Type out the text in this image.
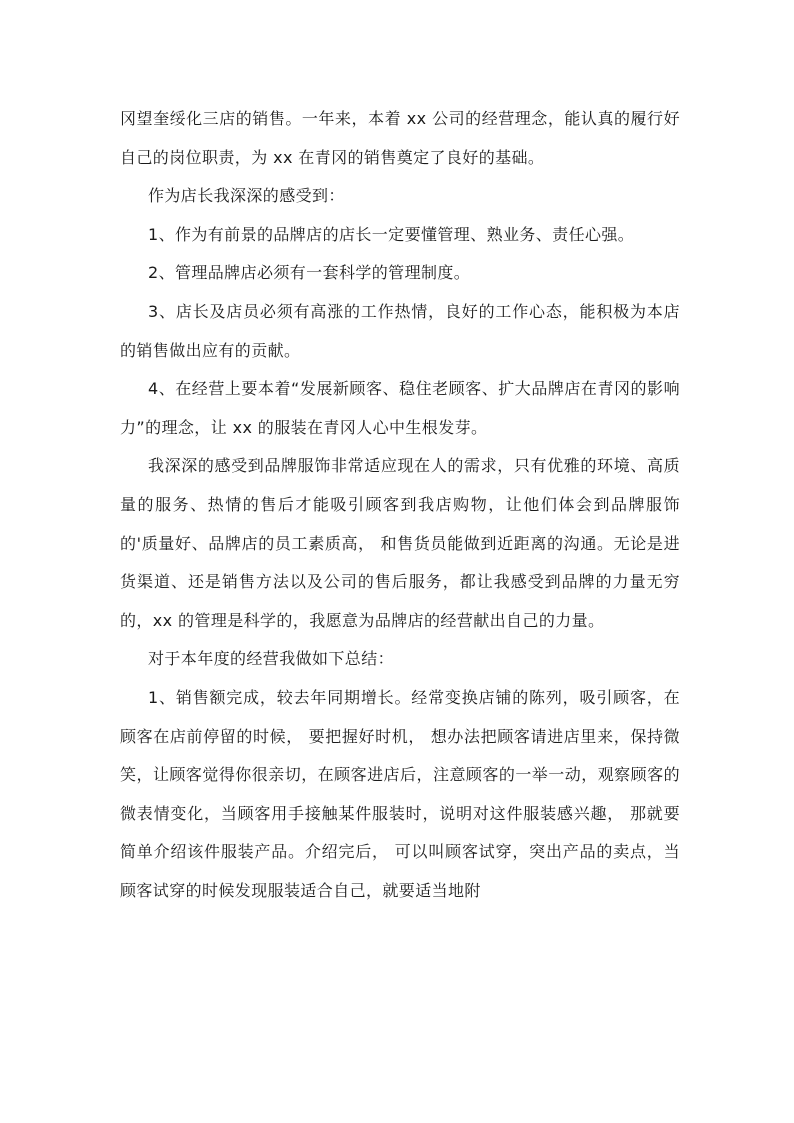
冈望奎绥化三店的销售。一年来，本着 xx 公司的经营理念，能认真的履行好自己的岗位职责，为 xx 在青冈的销售奠定了良好的基础。

作为店长我深深的感受到：

1、作为有前景的品牌店的店长一定要懂管理、熟业务、责任心强。

2、管理品牌店必须有一套科学的管理制度。

3、店长及店员必须有高涨的工作热情，良好的工作心态，能积极为本店的销售做出应有的贡献。

4、在经营上要本着“发展新顾客、稳住老顾客、扩大品牌店在青冈的影响力”的理念，让 xx 的服装在青冈人心中生根发芽。

我深深的感受到品牌服饰非常适应现在人的需求，只有优雅的环境、高质量的服务、热情的售后才能吸引顾客到我店购物，让他们体会到品牌服饰的'质量好、品牌店的员工素质高， 和售货员能做到近距离的沟通。无论是进货渠道、还是销售方法以及公司的售后服务，都让我感受到品牌的力量无穷的，xx 的管理是科学的，我愿意为品牌店的经营献出自己的力量。

对于本年度的经营我做如下总结：

1、销售额完成，较去年同期增长。经常变换店铺的陈列，吸引顾客，在顾客在店前停留的时候， 要把握好时机， 想办法把顾客请进店里来，保持微笑，让顾客觉得你很亲切，在顾客进店后，注意顾客的一举一动，观察顾客的微表情变化，当顾客用手接触某件服装时，说明对这件服装感兴趣， 那就要简单介绍该件服装产品。介绍完后， 可以叫顾客试穿，突出产品的卖点，当顾客试穿的时候发现服装适合自己，就要适当地附
